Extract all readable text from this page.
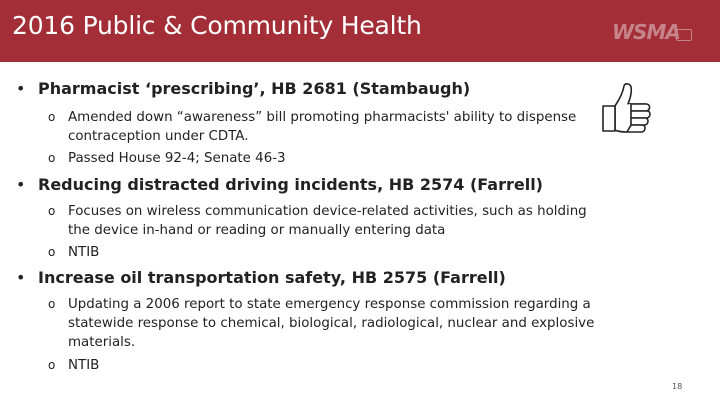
2016 Public & Community Health	WSMA
• Pharmacist ‘prescribing’, HB 2681 (Stambaugh)
o Amended down “awareness” bill promoting pharmacists' ability to dispense contraception under CDTA.
o Passed House 92-4; Senate 46-3
• Reducing distracted driving incidents, HB 2574 (Farrell)
o Focuses on wireless communication device-related activities, such as holding the device in-hand or reading or manually entering data
o NTIB
• Increase oil transportation safety, HB 2575 (Farrell)
o Updating a 2006 report to state emergency response commission regarding a statewide response to chemical, biological, radiological, nuclear and explosive materials.
o NTIB
18
